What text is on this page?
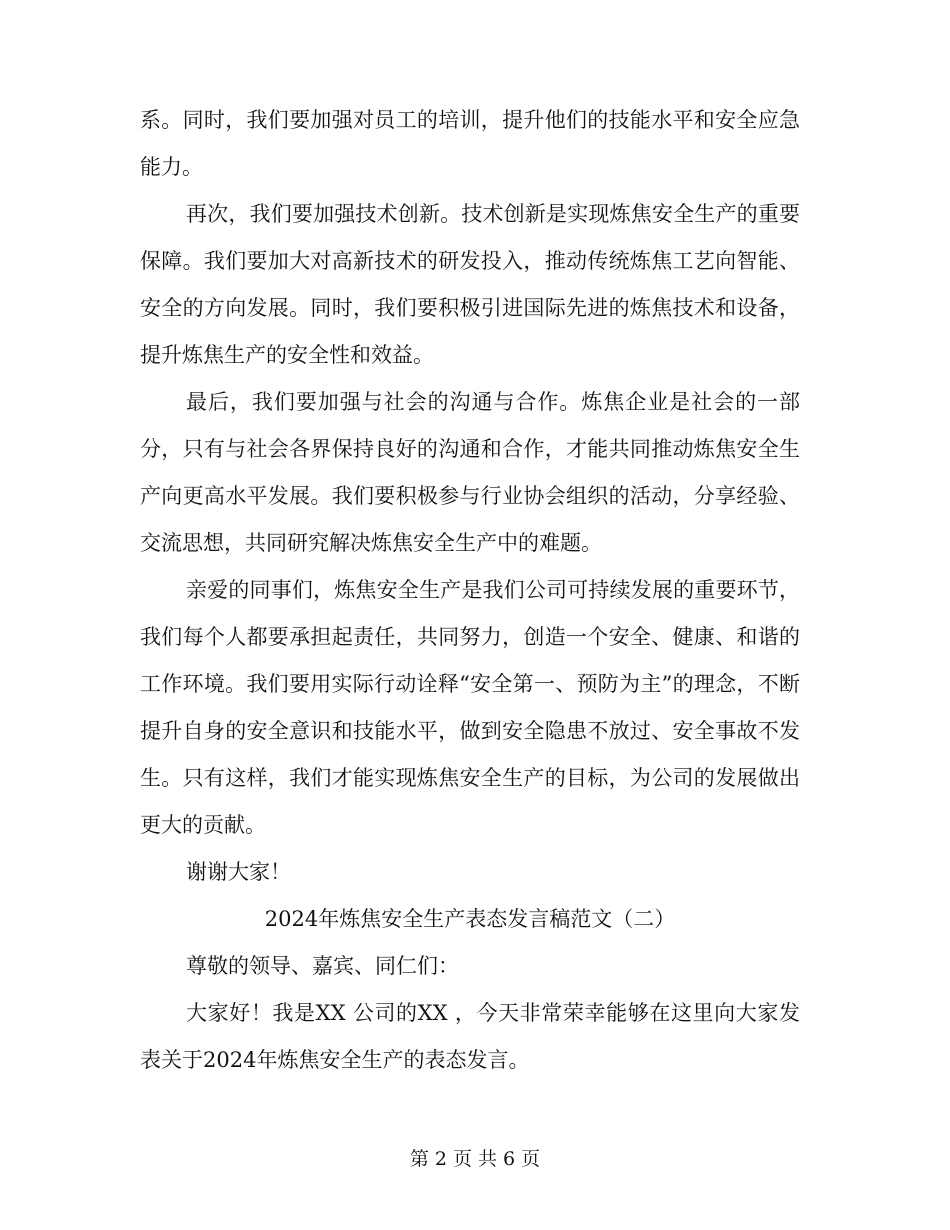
系。同时，我们要加强对员工的培训，提升他们的技能水平和安全应急能力。

再次，我们要加强技术创新。技术创新是实现炼焦安全生产的重要保障。我们要加大对高新技术的研发投入，推动传统炼焦工艺向智能、安全的方向发展。同时，我们要积极引进国际先进的炼焦技术和设备，提升炼焦生产的安全性和效益。

最后，我们要加强与社会的沟通与合作。炼焦企业是社会的一部分，只有与社会各界保持良好的沟通和合作，才能共同推动炼焦安全生产向更高水平发展。我们要积极参与行业协会组织的活动，分享经验、交流思想，共同研究解决炼焦安全生产中的难题。

亲爱的同事们，炼焦安全生产是我们公司可持续发展的重要环节，我们每个人都要承担起责任，共同努力，创造一个安全、健康、和谐的工作环境。我们要用实际行动诠释“安全第一、预防为主”的理念，不断提升自身的安全意识和技能水平，做到安全隐患不放过、安全事故不发生。只有这样，我们才能实现炼焦安全生产的目标，为公司的发展做出更大的贡献。

谢谢大家！

2024年炼焦安全生产表态发言稿范文（二）

尊敬的领导、嘉宾、同仁们：

大家好！我是XX 公司的XX ，今天非常荣幸能够在这里向大家发表关于2024年炼焦安全生产的表态发言。

第 2 页 共 6 页
